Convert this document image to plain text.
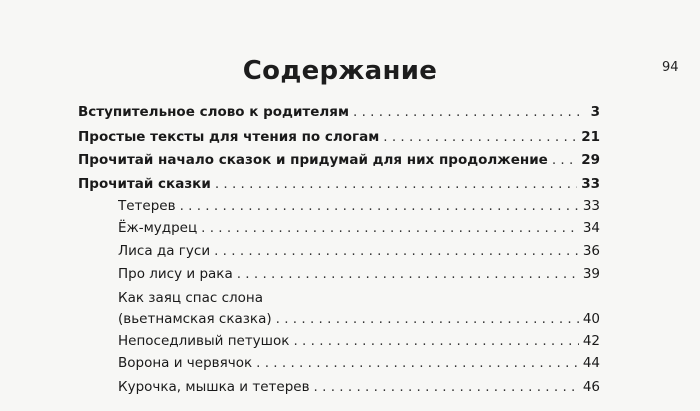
94
Содержание
Вступительное слово к родителям . . .	3
Простые тексты для чтения по слогам . . .	21
Прочитай начало сказок и придумай для них продолжение . . . 29
Прочитай сказки . . .	33
Тетерев . . .	33
Ёж-мудрец . . .	34
Лиса да гуси . . .	36
Про лису и рака . . .	39
Как заяц спас слона
(вьетнамская сказка) . . .	40
Непоседливый петушок . . .	42
Ворона и червячок . . .	44
Курочка, мышка и тетерев . . .	46
